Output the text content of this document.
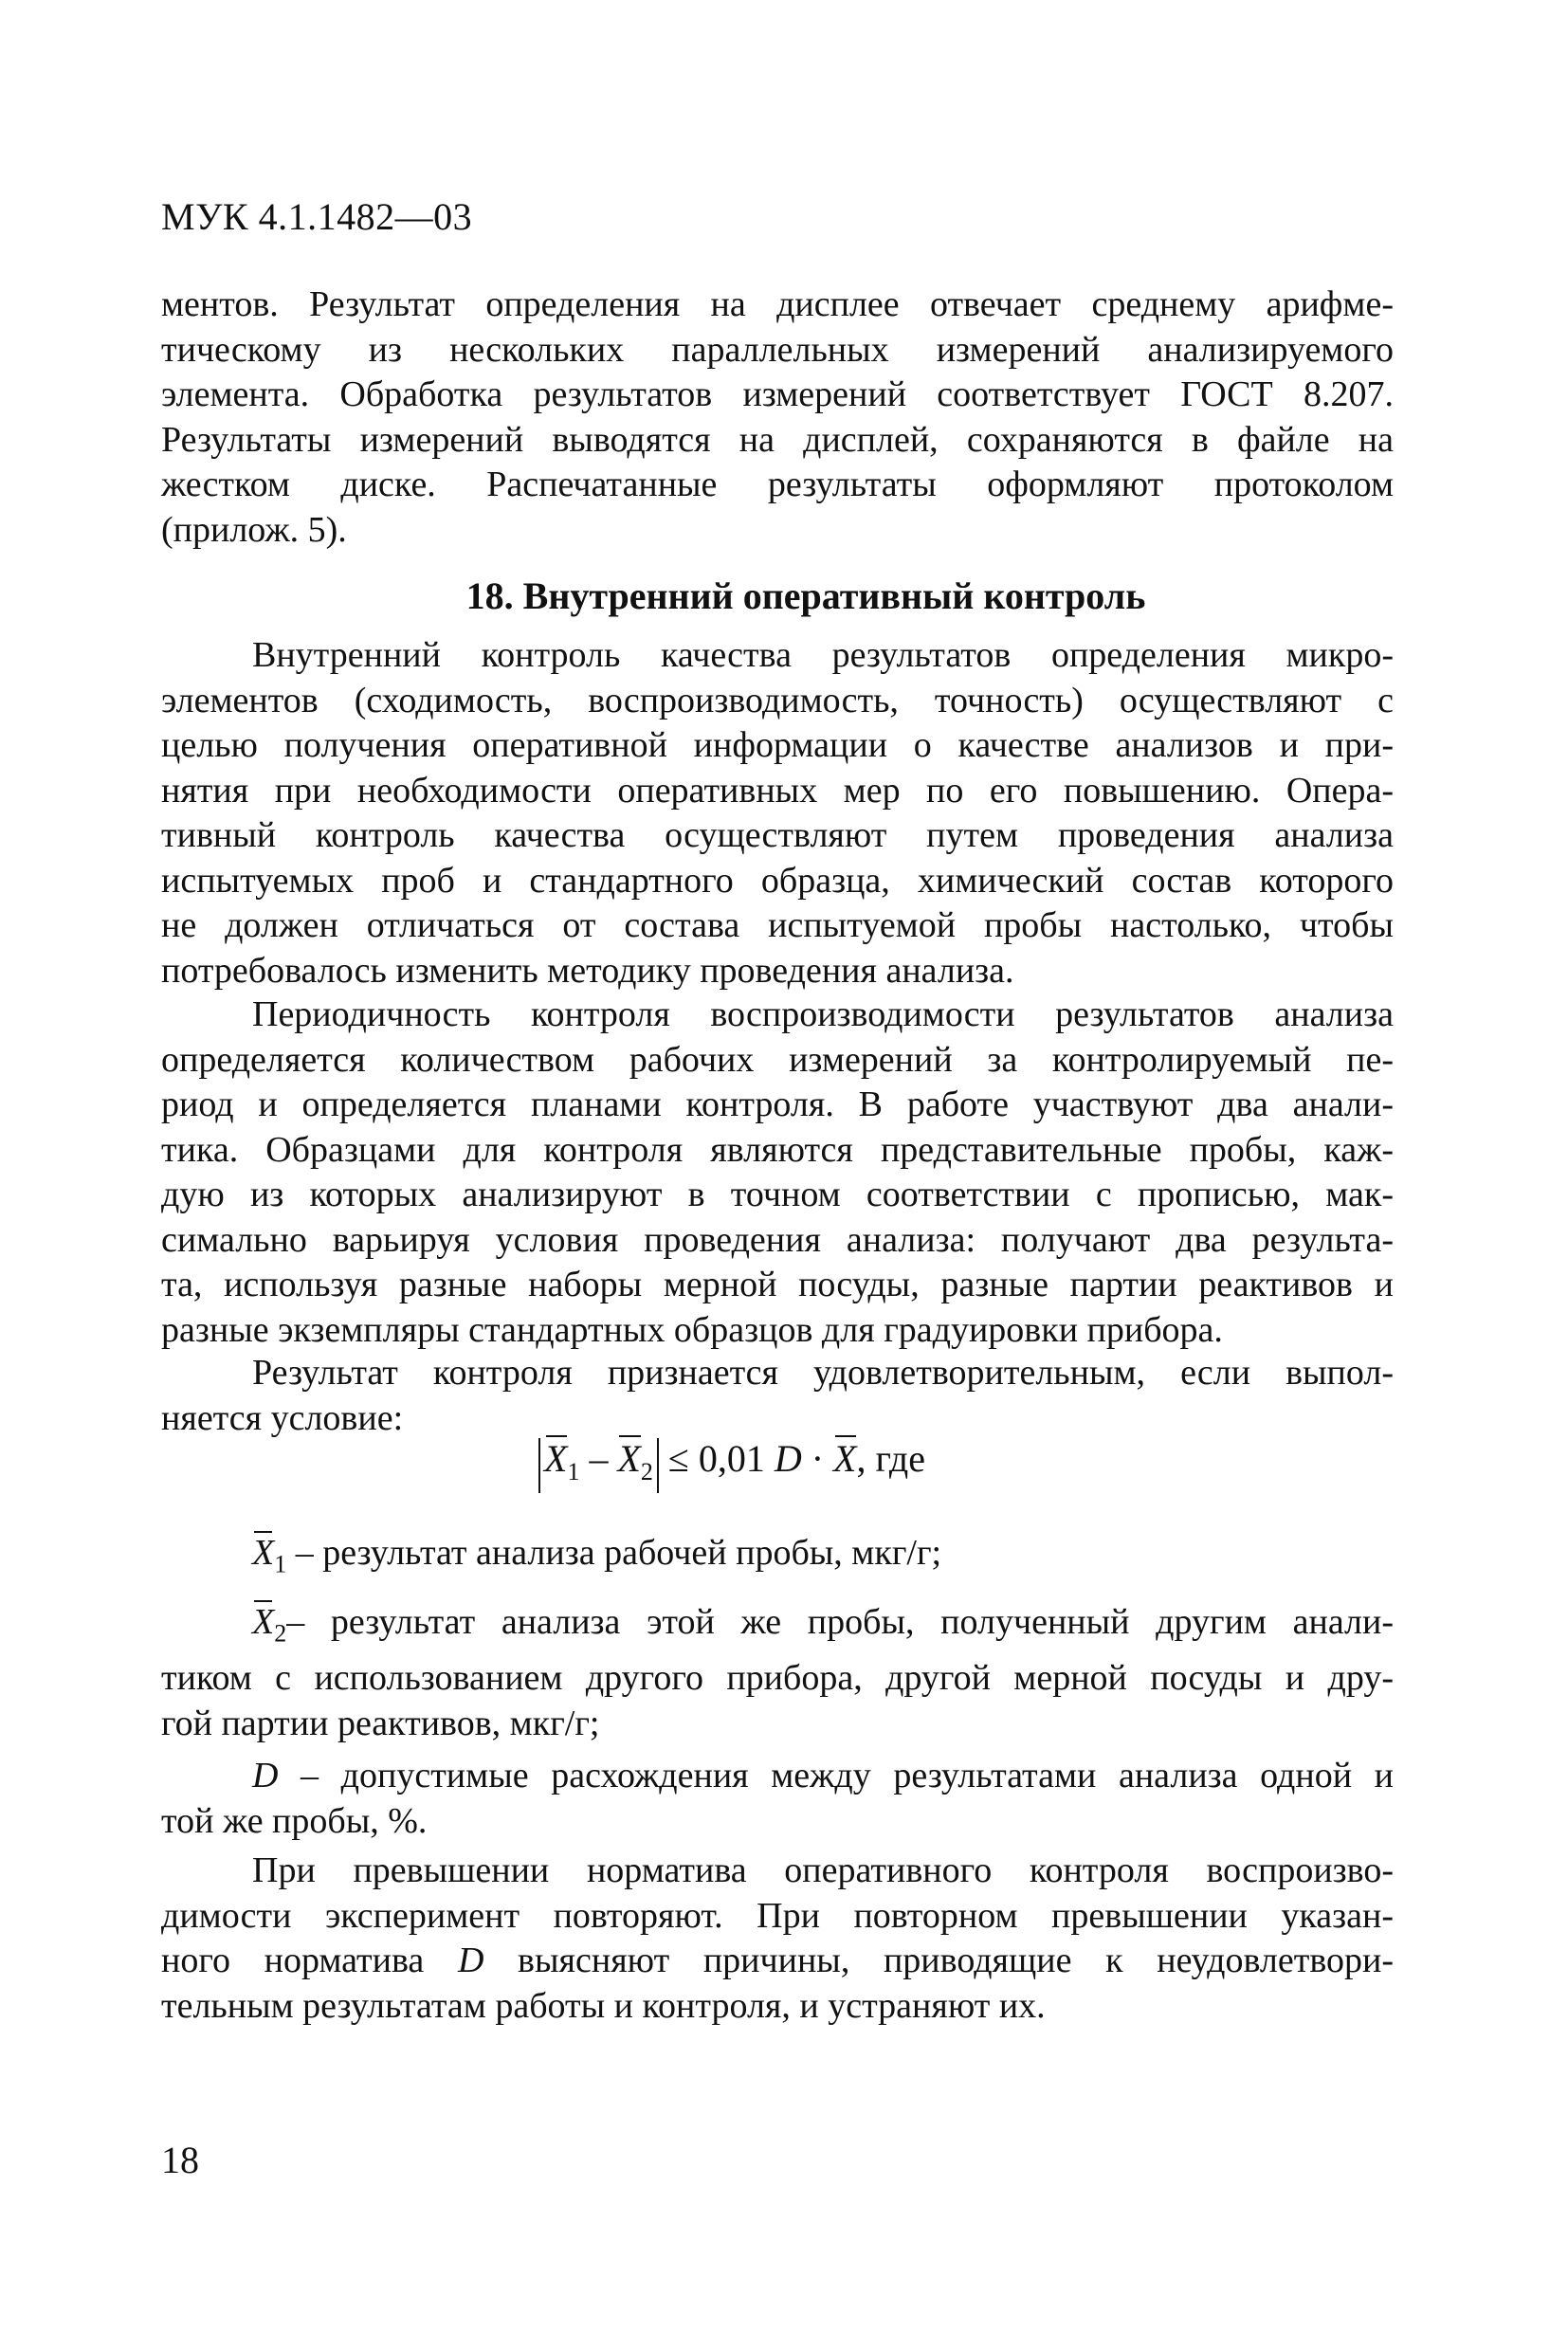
МУК 4.1.1482—03
ментов. Результат определения на дисплее отвечает среднему арифме-
тическому из нескольких параллельных измерений анализируемого
элемента. Обработка результатов измерений соответствует ГОСТ 8.207.
Результаты измерений выводятся на дисплей, сохраняются в файле на
жестком диске. Распечатанные результаты оформляют протоколом
(прилож. 5).
18. Внутренний оперативный контроль
Внутренний контроль качества результатов определения микро-
элементов (сходимость, воспроизводимость, точность) осуществляют с
целью получения оперативной информации о качестве анализов и при-
нятия при необходимости оперативных мер по его повышению. Опера-
тивный контроль качества осуществляют путем проведения анализа
испытуемых проб и стандартного образца, химический состав которого
не должен отличаться от состава испытуемой пробы настолько, чтобы
потребовалось изменить методику проведения анализа.
Периодичность контроля воспроизводимости результатов анализа
определяется количеством рабочих измерений за контролируемый пе-
риод и определяется планами контроля. В работе участвуют два анали-
тика. Образцами для контроля являются представительные пробы, каж-
дую из которых анализируют в точном соответствии с прописью, мак-
симально варьируя условия проведения анализа: получают два результа-
та, используя разные наборы мерной посуды, разные партии реактивов и
разные экземпляры стандартных образцов для градуировки прибора.
Результат контроля признается удовлетворительным, если выпол-
няется условие:
$X_1 - X_2 \le 0,01$ D · X, где
$X_1$ – результат анализа рабочей пробы, мкг/г;
$X_2-$ результат анализа этой же пробы, полученный другим анали-
тиком с использованием другого прибора, другой мерной посуды и дру-
гой партии реактивов, мкг/г;
D – допустимые расхождения между результатами анализа одной и
той же пробы, %.
При превышении норматива оперативного контроля воспроизво-
димости эксперимент повторяют. При повторном превышении указан-
ного норматива D выясняют причины, приводящие к неудовлетвори-
тельным результатам работы и контроля, и устраняют их.
18
